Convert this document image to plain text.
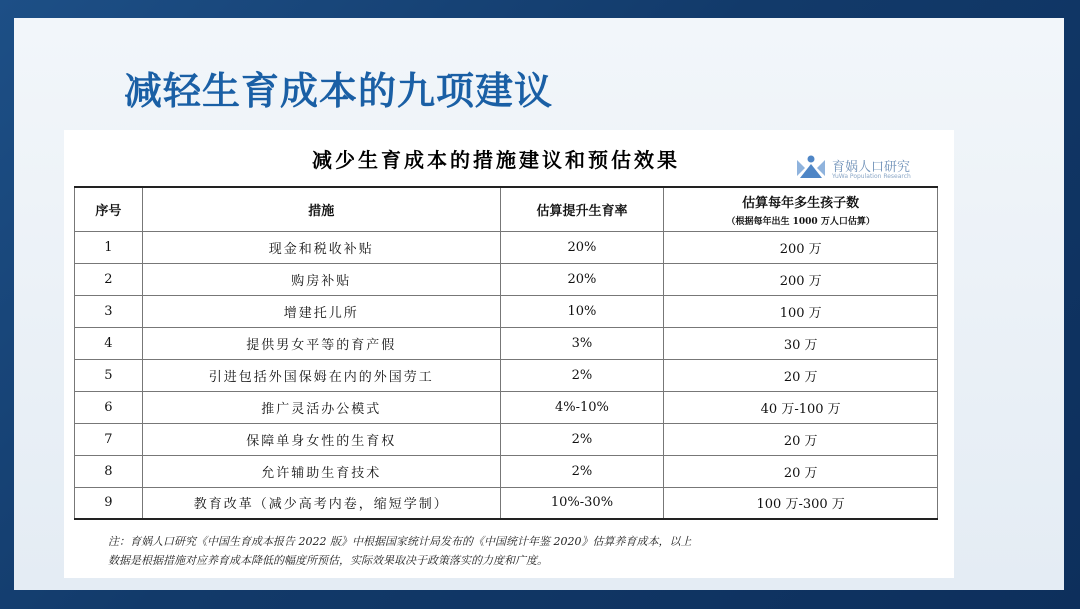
减轻生育成本的九项建议
减少生育成本的措施建议和预估效果	育娲人口研究
YuWa Population Research
序号	措施	估算提升生育率	估算每年多生孩子数
（根据每年出生 1000 万人口估算）

1	现金和税收补贴	20%	200 万
2	购房补贴	20%	200 万
3	增建托儿所	10%	100 万
4	提供男女平等的育产假	3%	30 万
5	引进包括外国保姆在内的外国劳工	2%	20 万
6	推广灵活办公模式	4%-10%	40 万-100 万
7	保障单身女性的生育权	2%	20 万
8	允许辅助生育技术	2%	20 万
9	教育改革（减少高考内卷，缩短学制）	10%-30%	100 万-300 万
注：育娲人口研究《中国生育成本报告 2022 版》中根据国家统计局发布的《中国统计年鉴 2020》估算养育成本，以上
数据是根据措施对应养育成本降低的幅度所预估，实际效果取决于政策落实的力度和广度。
